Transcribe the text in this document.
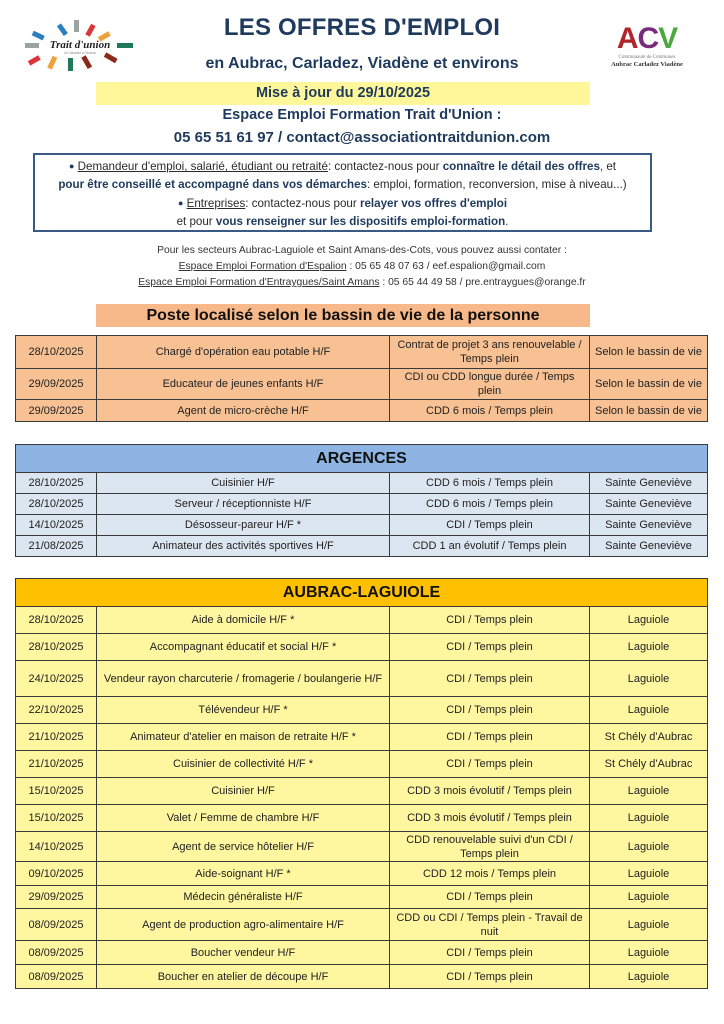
Trait d'union
du Carladez à l'Aubrac	ACV
Communauté de Communes
Aubrac Carladez Viadène
LES OFFRES D'EMPLOI
en Aubrac, Carladez, Viadène et environs
Mise à jour du 29/10/2025
Espace Emploi Formation Trait d'Union :
05 65 51 61 97 / contact@associationtraitdunion.com
● Demandeur d'emploi, salarié, étudiant ou retraité: contactez-nous pour connaître le détail des offres, et
pour être conseillé et accompagné dans vos démarches: emploi, formation, reconversion, mise à niveau...)
● Entreprises: contactez-nous pour relayer vos offres d'emploi
et pour vous renseigner sur les dispositifs emploi-formation.
Pour les secteurs Aubrac-Laguiole et Saint Amans-des-Cots, vous pouvez aussi contater :
Espace Emploi Formation d'Espalion : 05 65 48 07 63 / eef.espalion@gmail.com
Espace Emploi Formation d'Entraygues/Saint Amans : 05 65 44 49 58 / pre.entraygues@orange.fr
Poste localisé selon le bassin de vie de la personne
28/10/2025	Chargé d'opération eau potable H/F	Contrat de projet 3 ans renouvelable / Temps plein	Selon le bassin de vie
29/09/2025	Educateur de jeunes enfants H/F	CDI ou CDD longue durée / Temps plein	Selon le bassin de vie
29/09/2025	Agent de micro-crèche H/F	CDD 6 mois / Temps plein	Selon le bassin de vie
ARGENCES			
28/10/2025	Cuisinier H/F	CDD 6 mois / Temps plein	Sainte Geneviève
28/10/2025	Serveur / réceptionniste H/F	CDD 6 mois / Temps plein	Sainte Geneviève
14/10/2025	Désosseur-pareur H/F *	CDI / Temps plein	Sainte Geneviève
21/08/2025	Animateur des activités sportives H/F	CDD 1 an évolutif / Temps plein	Sainte Geneviève
AUBRAC-LAGUIOLE			
28/10/2025	Aide à domicile H/F *	CDI / Temps plein	Laguiole
28/10/2025	Accompagnant éducatif et social H/F *	CDI / Temps plein	Laguiole
24/10/2025	Vendeur rayon charcuterie / fromagerie / boulangerie H/F	CDI / Temps plein	Laguiole
22/10/2025	Télévendeur H/F *	CDI / Temps plein	Laguiole
21/10/2025	Animateur d'atelier en maison de retraite H/F *	CDI / Temps plein	St Chély d'Aubrac
21/10/2025	Cuisinier de collectivité H/F *	CDI / Temps plein	St Chély d'Aubrac
15/10/2025	Cuisinier H/F	CDD 3 mois évolutif / Temps plein	Laguiole
15/10/2025	Valet / Femme de chambre H/F	CDD 3 mois évolutif / Temps plein	Laguiole
14/10/2025	Agent de service hôtelier H/F	CDD renouvelable suivi d'un CDI / Temps plein	Laguiole
09/10/2025	Aide-soignant H/F *	CDD 12 mois / Temps plein	Laguiole
29/09/2025	Médecin généraliste H/F	CDI / Temps plein	Laguiole
08/09/2025	Agent de production agro-alimentaire H/F	CDD ou CDI / Temps plein - Travail de nuit	Laguiole
08/09/2025	Boucher vendeur H/F	CDI / Temps plein	Laguiole
08/09/2025	Boucher en atelier de découpe H/F	CDI / Temps plein	Laguiole
